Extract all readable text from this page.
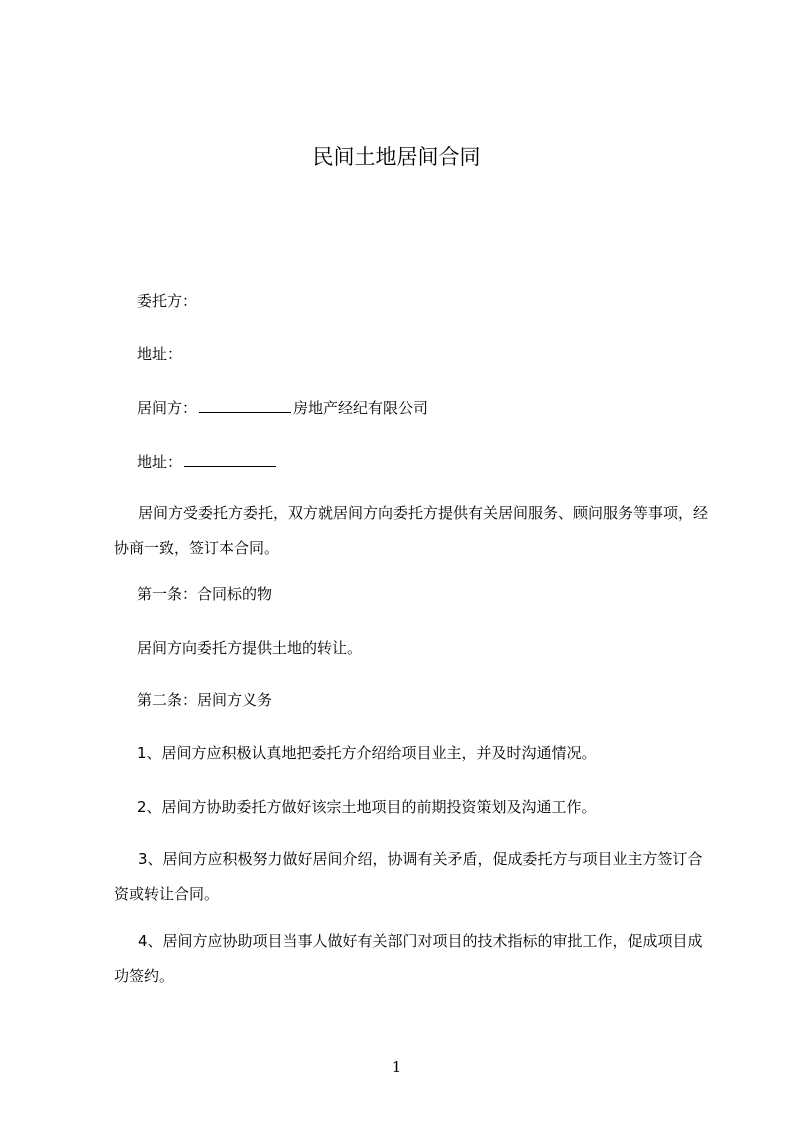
民间土地居间合同
委托方：
地址：
居间方：	房地产经纪有限公司
地址：
居间方受委托方委托，双方就居间方向委托方提供有关居间服务、顾问服务等事项，经协商一致，签订本合同。
第一条：合同标的物
居间方向委托方提供土地的转让。
第二条：居间方义务
1、居间方应积极认真地把委托方介绍给项目业主，并及时沟通情况。
2、居间方协助委托方做好该宗土地项目的前期投资策划及沟通工作。
3、居间方应积极努力做好居间介绍，协调有关矛盾，促成委托方与项目业主方签订合资或转让合同。
4、居间方应协助项目当事人做好有关部门对项目的技术指标的审批工作，促成项目成功签约。
1
